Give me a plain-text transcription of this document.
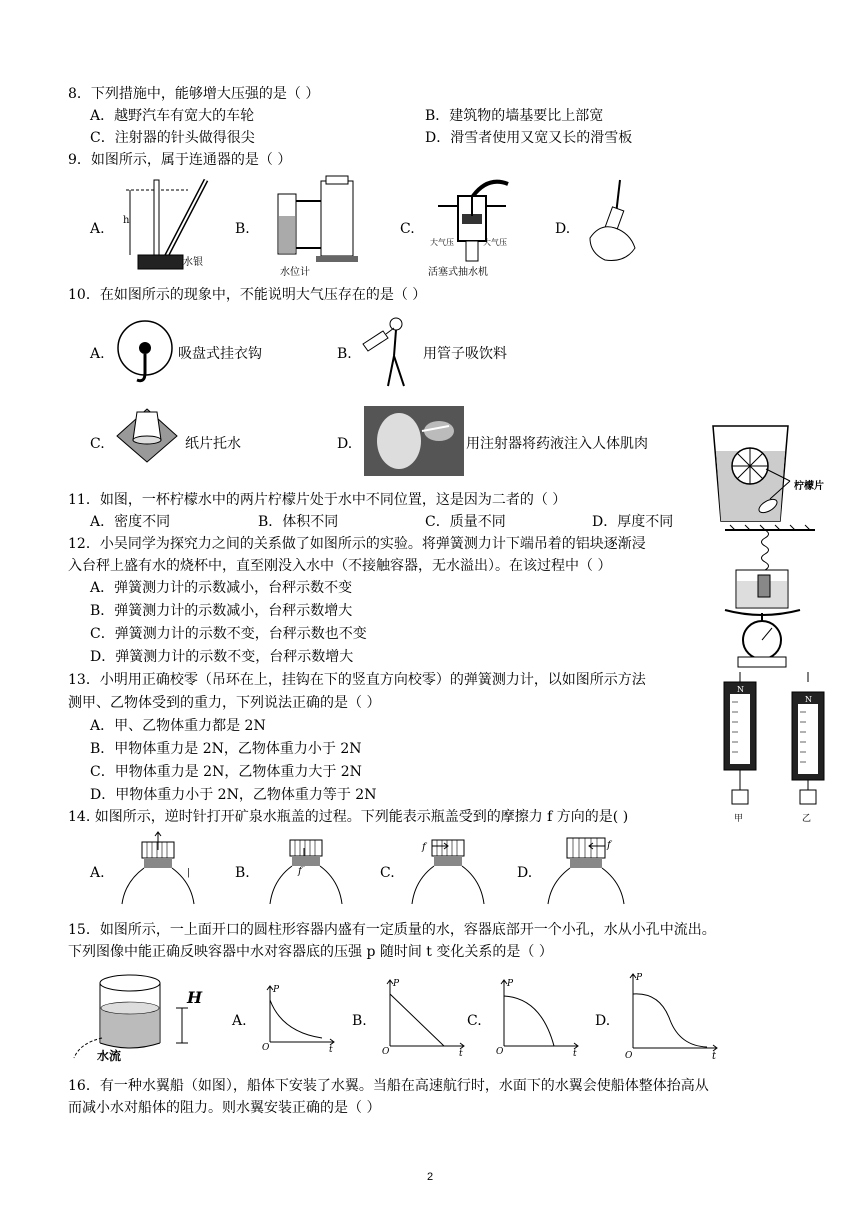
8．下列措施中，能够增大压强的是（ ）
A．越野汽车有宽大的车轮	B．建筑物的墙基要比上部宽
C．注射器的针头做得很尖	D．滑雪者使用又宽又长的滑雪板
9．如图所示，属于连通器的是（ ）
A.	B.	C.	D.
h
水银
水位计
大气压	大气压
活塞式抽水机
10．在如图所示的现象中，不能说明大气压存在的是（ ）
A.	吸盘式挂衣钩	B.	用管子吸饮料
C.	纸片托水	D.	用注射器将药液注入人体肌肉
柠檬片
11．如图，一杯柠檬水中的两片柠檬片处于水中不同位置，这是因为二者的（ ）
A．密度不同	B．体积不同	C．质量不同	D．厚度不同
12．小吴同学为探究力之间的关系做了如图所示的实验。将弹簧测力计下端吊着的铝块逐渐浸
入台秤上盛有水的烧杯中，直至刚没入水中（不接触容器，无水溢出）。在该过程中（ ）
A．弹簧测力计的示数减小，台秤示数不变
B．弹簧测力计的示数减小，台秤示数增大
C．弹簧测力计的示数不变，台秤示数也不变
D．弹簧测力计的示数不变，台秤示数增大
13．小明用正确校零（吊环在上，挂钩在下的竖直方向校零）的弹簧测力计，以如图所示方法
测甲、乙物体受到的重力，下列说法正确的是（ ）
A．甲、乙物体重力都是 2N
B．甲物体重力是 2N，乙物体重力小于 2N
C．甲物体重力是 2N，乙物体重力大于 2N
D．甲物体重力小于 2N，乙物体重力等于 2N
N
N
甲	乙
14. 如图所示，逆时针打开矿泉水瓶盖的过程。下列能表示瓶盖受到的摩擦力 f 方向的是( )
A.	B.	C.	D.
|	f
f	f
15．如图所示，一上面开口的圆柱形容器内盛有一定质量的水，容器底部开一个小孔，水从小孔中流出。
下列图像中能正确反映容器中水对容器底的压强 p 随时间 t 变化关系的是（ ）
H
水流
A.	B.	C.	D.
P
t
O
P
t
O
P
t
O
P
t
O
16．有一种水翼船（如图），船体下安装了水翼。当船在高速航行时，水面下的水翼会使船体整体抬高从
而减小水对船体的阻力。则水翼安装正确的是（ ）
2
